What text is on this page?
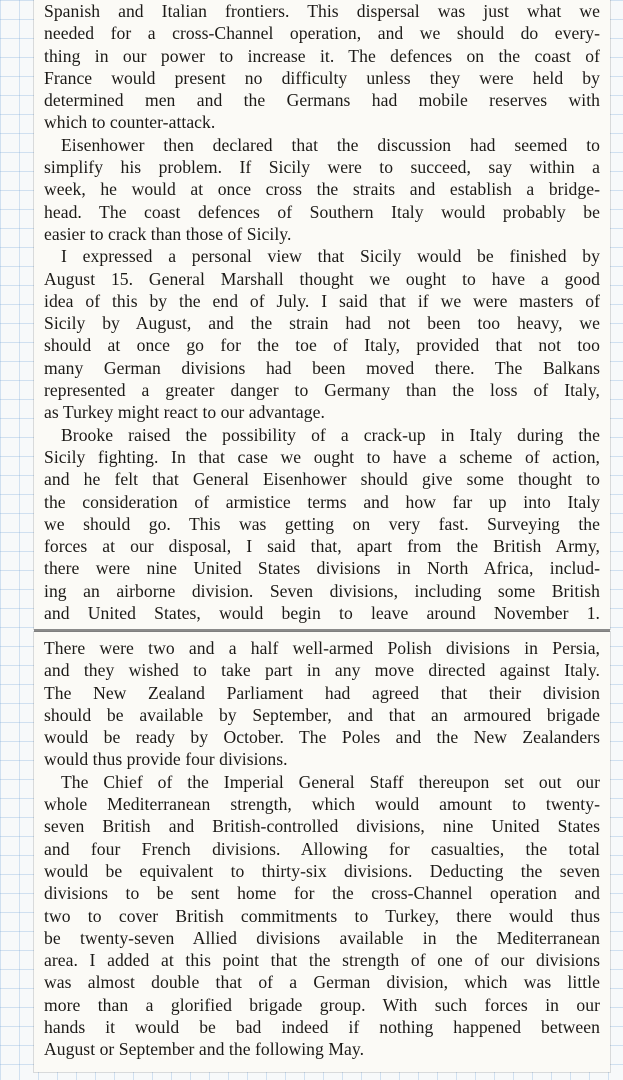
Spanish and Italian frontiers. This dispersal was just what we
needed for a cross-Channel operation, and we should do every-
thing in our power to increase it. The defences on the coast of
France would present no difficulty unless they were held by
determined men and the Germans had mobile reserves with
which to counter-attack.
Eisenhower then declared that the discussion had seemed to
simplify his problem. If Sicily were to succeed, say within a
week, he would at once cross the straits and establish a bridge-
head. The coast defences of Southern Italy would probably be
easier to crack than those of Sicily.
I expressed a personal view that Sicily would be finished by
August 15. General Marshall thought we ought to have a good
idea of this by the end of July. I said that if we were masters of
Sicily by August, and the strain had not been too heavy, we
should at once go for the toe of Italy, provided that not too
many German divisions had been moved there. The Balkans
represented a greater danger to Germany than the loss of Italy,
as Turkey might react to our advantage.
Brooke raised the possibility of a crack-up in Italy during the
Sicily fighting. In that case we ought to have a scheme of action,
and he felt that General Eisenhower should give some thought to
the consideration of armistice terms and how far up into Italy
we should go. This was getting on very fast. Surveying the
forces at our disposal, I said that, apart from the British Army,
there were nine United States divisions in North Africa, includ-
ing an airborne division. Seven divisions, including some British
and United States, would begin to leave around November 1.
There were two and a half well-armed Polish divisions in Persia,
and they wished to take part in any move directed against Italy.
The New Zealand Parliament had agreed that their division
should be available by September, and that an armoured brigade
would be ready by October. The Poles and the New Zealanders
would thus provide four divisions.
The Chief of the Imperial General Staff thereupon set out our
whole Mediterranean strength, which would amount to twenty-
seven British and British-controlled divisions, nine United States
and four French divisions. Allowing for casualties, the total
would be equivalent to thirty-six divisions. Deducting the seven
divisions to be sent home for the cross-Channel operation and
two to cover British commitments to Turkey, there would thus
be twenty-seven Allied divisions available in the Mediterranean
area. I added at this point that the strength of one of our divisions
was almost double that of a German division, which was little
more than a glorified brigade group. With such forces in our
hands it would be bad indeed if nothing happened between
August or September and the following May.
